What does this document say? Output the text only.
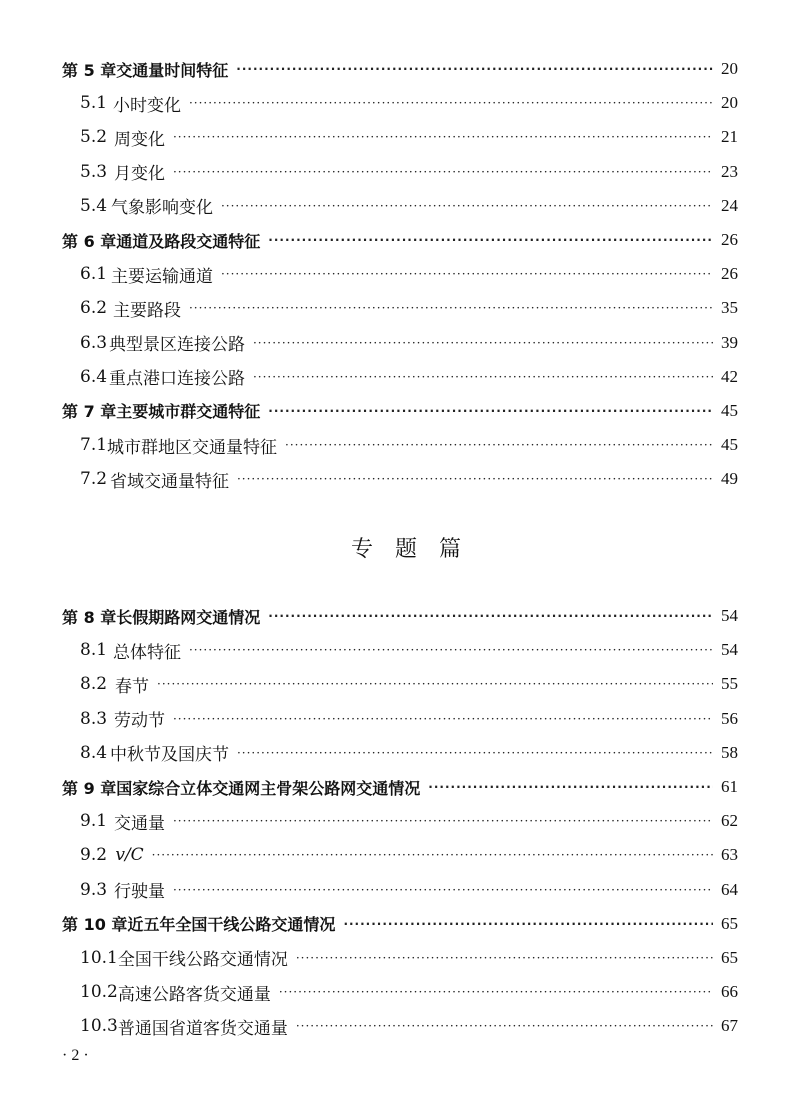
第 5 章 交通量时间特征 ·····	20
5.1 小时变化 ·····	20
5.2 周变化 ·····	21
5.3 月变化 ·····	23
5.4 气象影响变化 ·····	24
第 6 章 通道及路段交通特征 ·····	26
6.1 主要运输通道 ·····	26
6.2 主要路段 ·····	35
6.3 典型景区连接公路 ·····	39
6.4 重点港口连接公路 ·····	42
第 7 章 主要城市群交通特征 ·····	45
7.1 城市群地区交通量特征 ·····	45
7.2 省域交通量特征 ·····	49
专题篇
第 8 章 长假期路网交通情况 ·····	54
8.1 总体特征 ·····	54
8.2 春节 ·····	55
8.3 劳动节 ·····	56
8.4 中秋节及国庆节 ·····	58
第 9 章 国家综合立体交通网主骨架公路网交通情况 ·····	61
9.1 交通量 ·····	62
9.2 v/C ·····	63
9.3 行驶量 ·····	64
第 10 章 近五年全国干线公路交通情况 ·····	65
10.1 全国干线公路交通情况 ·····	65
10.2 高速公路客货交通量 ·····	66
10.3 普通国省道客货交通量 ·····	67
· 2 ·
